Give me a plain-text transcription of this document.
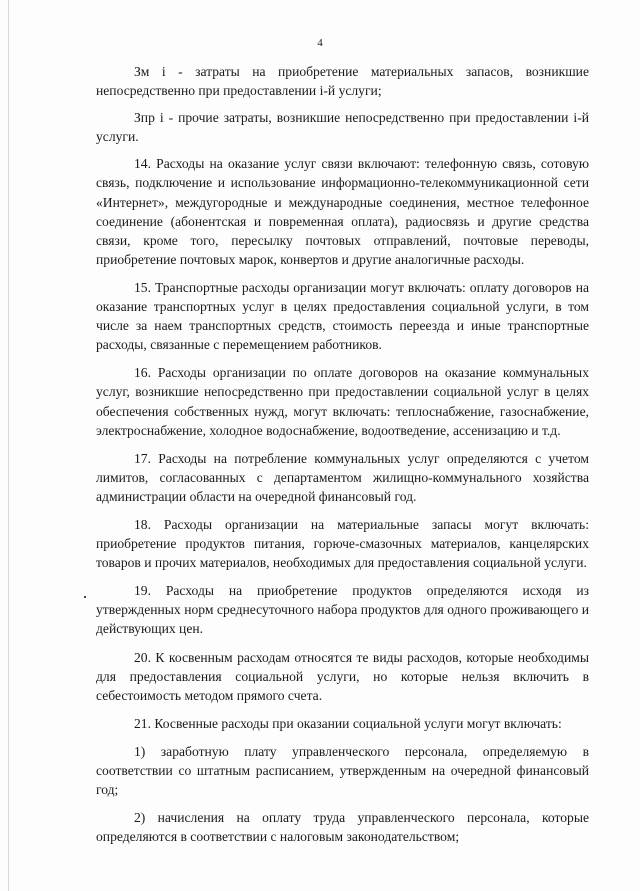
4

Зм і - затраты на приобретение материальных запасов, возникшие непосредственно при предоставлении і-й услуги;

Зпр і - прочие затраты, возникшие непосредственно при предоставлении і-й услуги.

14. Расходы на оказание услуг связи включают: телефонную связь, сотовую связь, подключение и использование информационно-телекоммуникационной сети «Интернет», междугородные и международные соединения, местное телефонное соединение (абонентская и повременная оплата), радиосвязь и другие средства связи, кроме того, пересылку почтовых отправлений, почтовые переводы, приобретение почтовых марок, конвертов и другие аналогичные расходы.

15. Транспортные расходы организации могут включать: оплату договоров на оказание транспортных услуг в целях предоставления социальной услуги, в том числе за наем транспортных средств, стоимость переезда и иные транспортные расходы, связанные с перемещением работников.

16. Расходы организации по оплате договоров на оказание коммунальных услуг, возникшие непосредственно при предоставлении социальной услуг в целях обеспечения собственных нужд, могут включать: теплоснабжение, газоснабжение, электроснабжение, холодное водоснабжение, водоотведение, ассенизацию и т.д.

17. Расходы на потребление коммунальных услуг определяются с учетом лимитов, согласованных с департаментом жилищно-коммунального хозяйства администрации области на очередной финансовый год.

18. Расходы организации на материальные запасы могут включать: приобретение продуктов питания, горюче-смазочных материалов, канцелярских товаров и прочих материалов, необходимых для предоставления социальной услуги.

19. Расходы на приобретение продуктов определяются исходя из утвержденных норм среднесуточного набора продуктов для одного проживающего и действующих цен.

20. К косвенным расходам относятся те виды расходов, которые необходимы для предоставления социальной услуги, но которые нельзя включить в себестоимость методом прямого счета.

21. Косвенные расходы при оказании социальной услуги могут включать:

1) заработную плату управленческого персонала, определяемую в соответствии со штатным расписанием, утвержденным на очередной финансовый год;

2) начисления на оплату труда управленческого персонала, которые определяются в соответствии с налоговым законодательством;
